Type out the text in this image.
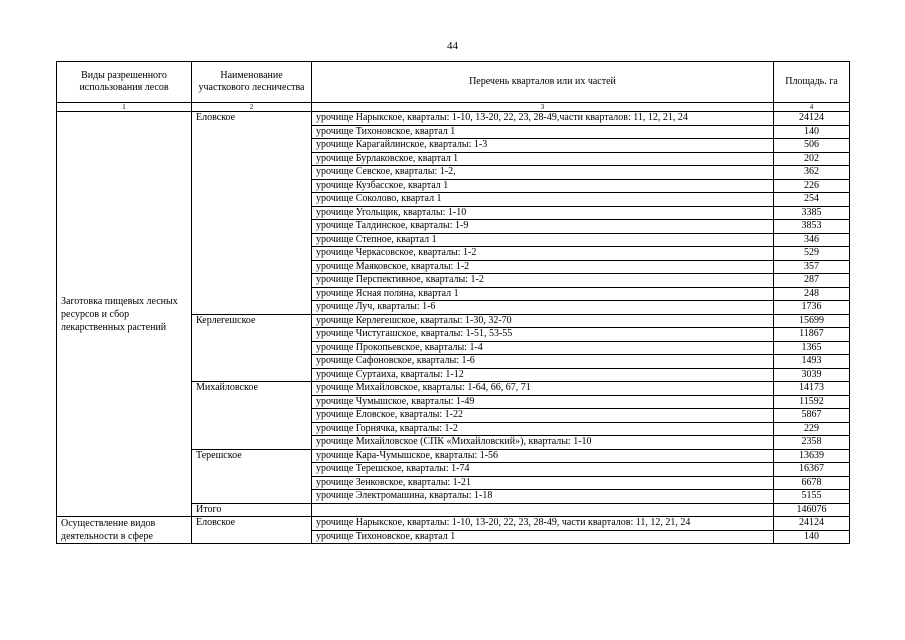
44
Виды разрешенного использования лесов	Наименование участкового лесничества	Перечень кварталов или их частей	Площадь. га
1	2	3	4
Заготовка пищевых лесных ресурсов и сбор лекарственных растений	Еловское	урочище Нарыкское, кварталы: 1-10, 13-20, 22, 23, 28-49,части кварталов: 11, 12, 21, 24	24124
		урочище Тихоновское, квартал 1	140
		урочище Карагайлинское, кварталы: 1-3	506
		урочище Бурлаковское, квартал 1	202
		урочище Севское, кварталы: 1-2,	362
		урочище Кузбасское, квартал 1	226
		урочище Соколово, квартал 1	254
		урочище Угольщик, кварталы: 1-10	3385
		урочище Талдинское, кварталы: 1-9	3853
		урочище Степное, квартал 1	346
		урочище Черкасовское, кварталы: 1-2	529
		урочище Маяковское, кварталы: 1-2	357
		урочище Перспективное, кварталы: 1-2	287
		урочище Ясная поляна, квартал 1	248
		урочище Луч, кварталы: 1-6	1736
	Керлегешское	урочище Керлегешское, кварталы: 1-30, 32-70	15699
		урочище Чистугашское, кварталы: 1-51, 53-55	11867
		урочище Прокопьевское, кварталы: 1-4	1365
		урочище Сафоновское, кварталы: 1-6	1493
		урочище Суртаиха, кварталы: 1-12	3039
	Михайловское	урочище Михайловское, кварталы: 1-64, 66, 67, 71	14173
		урочище Чумышское, кварталы: 1-49	11592
		урочище Еловское, кварталы: 1-22	5867
		урочище Горнячка, кварталы: 1-2	229
		урочище Михайловское (СПК «Михайловский»), кварталы: 1-10	2358
	Терешское	урочище Кара-Чумышское, кварталы: 1-56	13639
		урочище Терешское, кварталы: 1-74	16367
		урочище Зенковское, кварталы: 1-21	6678
		урочище Электромашина, кварталы: 1-18	5155
	Итого		146076
Осуществление видов деятельности в сфере	Еловское	урочище Нарыкское, кварталы: 1-10, 13-20, 22, 23, 28-49, части кварталов: 11, 12, 21, 24	24124
		урочище Тихоновское, квартал 1	140
